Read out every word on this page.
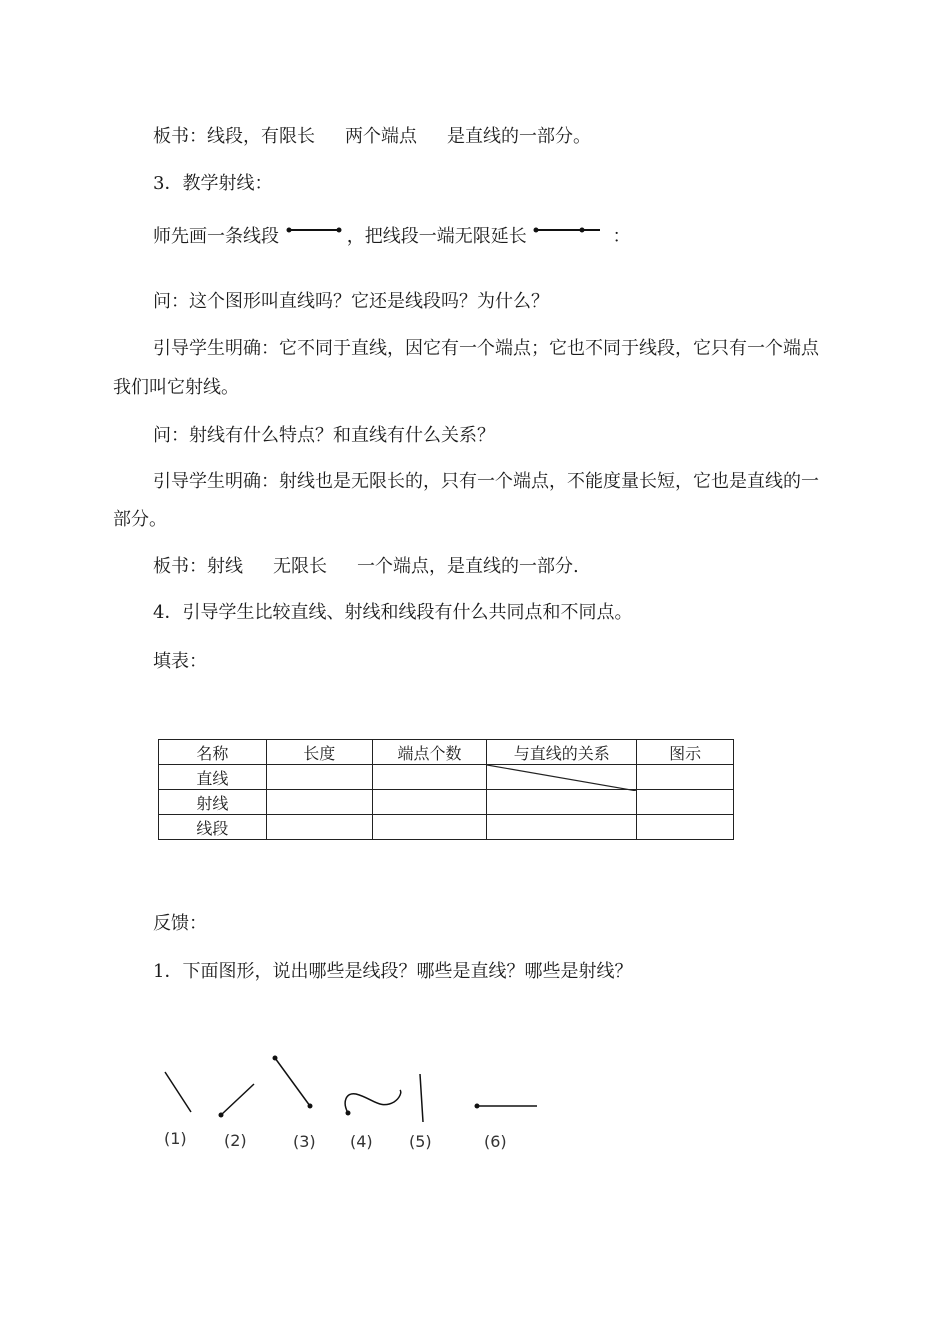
板书：线段，有限长 两个端点 是直线的一部分。
3．教学射线：
师先画一条线段	，把线段一端无限延长	：
问：这个图形叫直线吗？它还是线段吗？为什么？
引导学生明确：它不同于直线，因它有一个端点；它也不同于线段，它只有一个端点
我们叫它射线。
问：射线有什么特点？和直线有什么关系？
引导学生明确：射线也是无限长的，只有一个端点，不能度量长短，它也是直线的一
部分。
板书：射线 无限长 一个端点，是直线的一部分.
4．引导学生比较直线、射线和线段有什么共同点和不同点。
填表：
名称	长度	端点个数	与直线的关系	图示
直线			

射线				
线段				
反馈：
1．下面图形，说出哪些是线段？哪些是直线？哪些是射线？
(1) (2)	(3) (4) (5)	(6)
